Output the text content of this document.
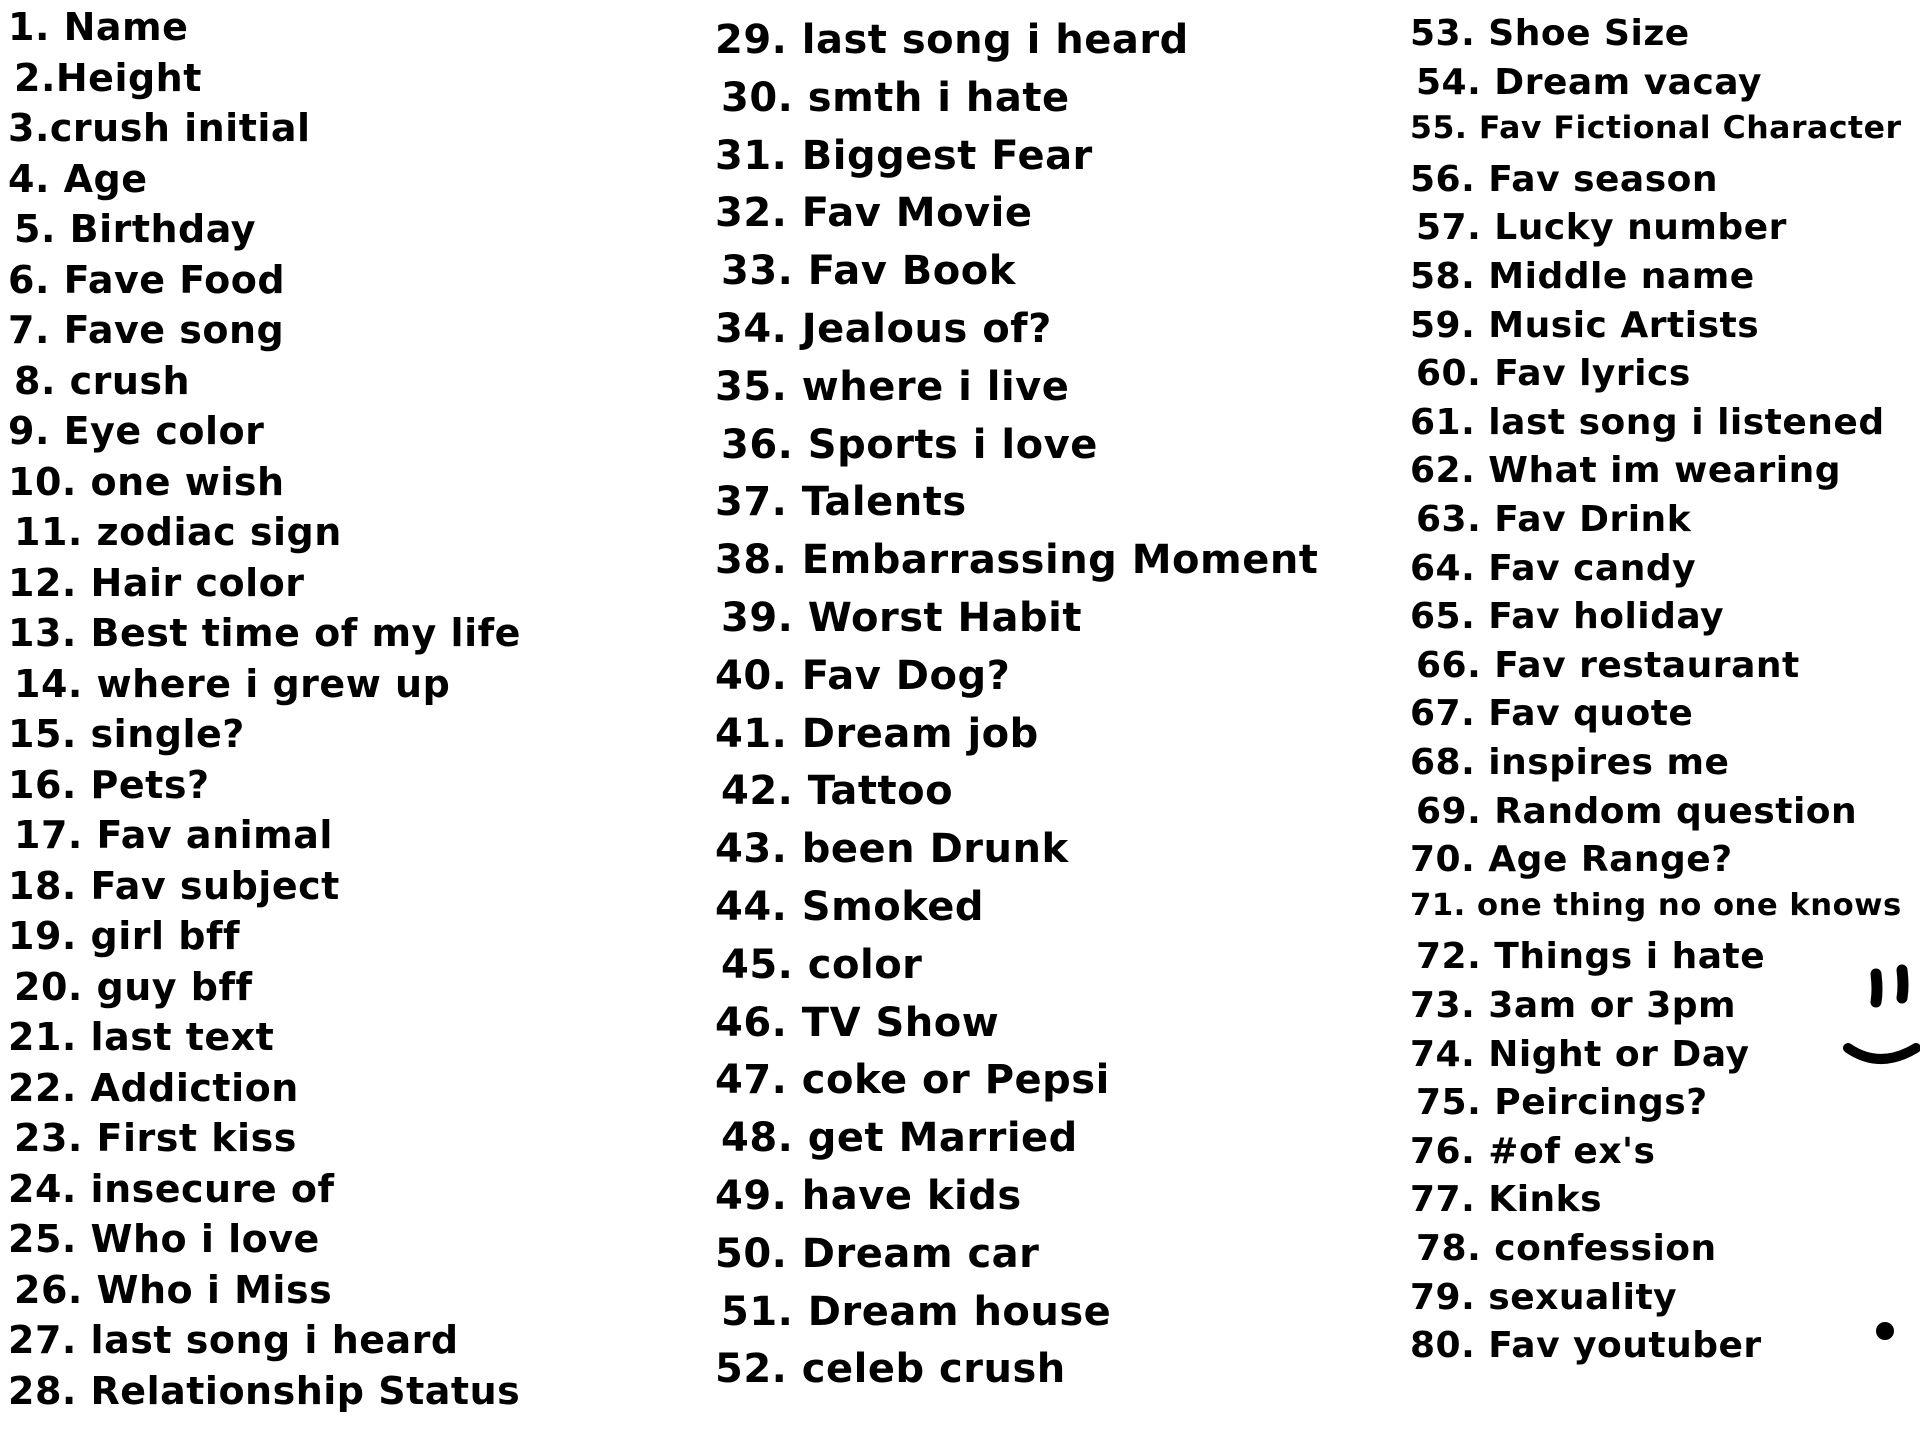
1. Name
2.Height
3.crush initial
4. Age
5. Birthday
6. Fave Food
7. Fave song
8. crush
9. Eye color
10. one wish
11. zodiac sign
12. Hair color
13. Best time of my life
14. where i grew up
15. single?
16. Pets?
17. Fav animal
18. Fav subject
19. girl bff
20. guy bff
21. last text
22. Addiction
23. First kiss
24. insecure of
25. Who i love
26. Who i Miss
27. last song i heard
28. Relationship Status
29. last song i heard
30. smth i hate
31. Biggest Fear
32. Fav Movie
33. Fav Book
34. Jealous of?
35. where i live
36. Sports i love
37. Talents
38. Embarrassing Moment
39. Worst Habit
40. Fav Dog?
41. Dream job
42. Tattoo
43. been Drunk
44. Smoked
45. color
46. TV Show
47. coke or Pepsi
48. get Married
49. have kids
50. Dream car
51. Dream house
52. celeb crush
53. Shoe Size
54. Dream vacay
55. Fav Fictional Character
56. Fav season
57. Lucky number
58. Middle name
59. Music Artists
60. Fav lyrics
61. last song i listened
62. What im wearing
63. Fav Drink
64. Fav candy
65. Fav holiday
66. Fav restaurant
67. Fav quote
68. inspires me
69. Random question
70. Age Range?
71. one thing no one knows
72. Things i hate
73. 3am or 3pm
74. Night or Day
75. Peircings?
76. #of ex's
77. Kinks
78. confession
79. sexuality
80. Fav youtuber
